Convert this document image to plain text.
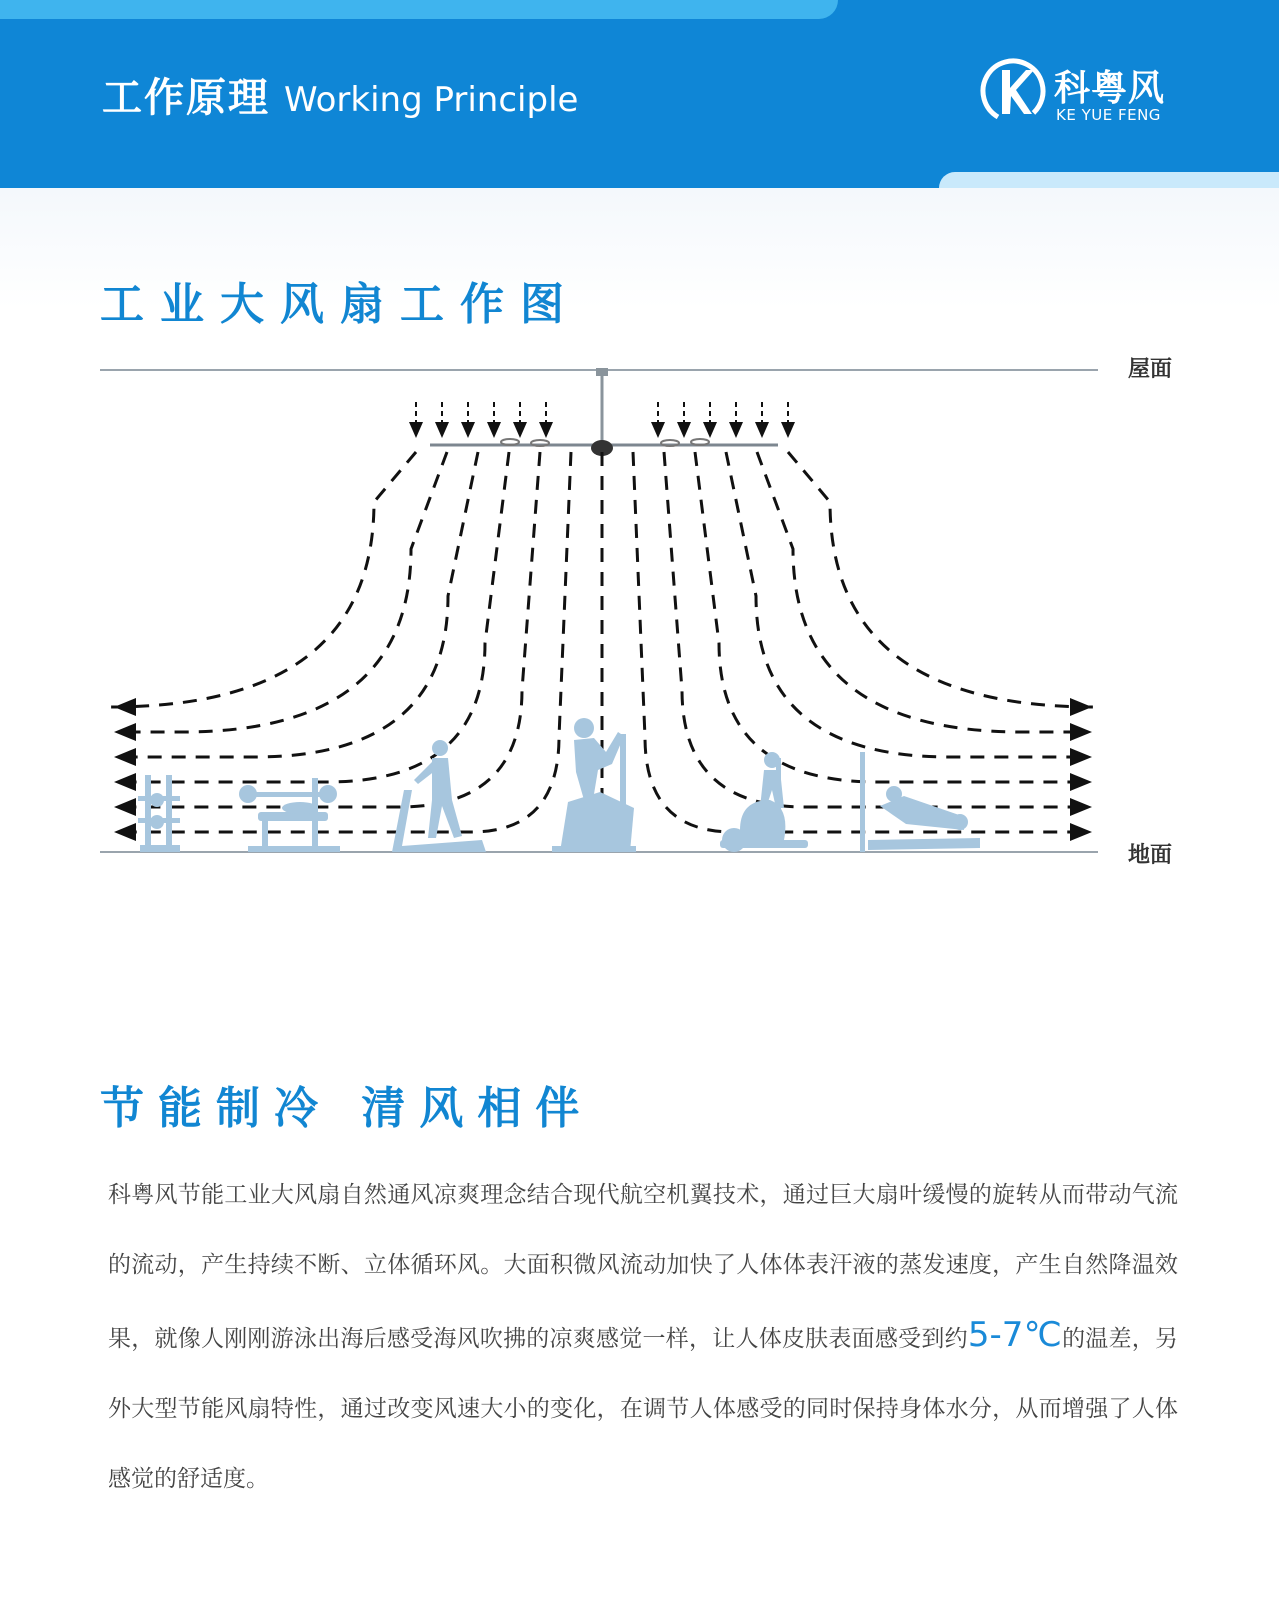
工作原理 Working Principle	科粤风
KE YUE FENG
工业大风扇工作图
屋面
地面
节能制冷 清风相伴
科粤风节能工业大风扇自然通风凉爽理念结合现代航空机翼技术，通过巨大扇叶缓慢的旋转从而带动气流的流动，产生持续不断、立体循环风。大面积微风流动加快了人体体表汗液的蒸发速度，产生自然降温效果，就像人刚刚游泳出海后感受海风吹拂的凉爽感觉一样，让人体皮肤表面感受到约5-7℃的温差，另外大型节能风扇特性，通过改变风速大小的变化，在调节人体感受的同时保持身体水分，从而增强了人体感觉的舒适度。
